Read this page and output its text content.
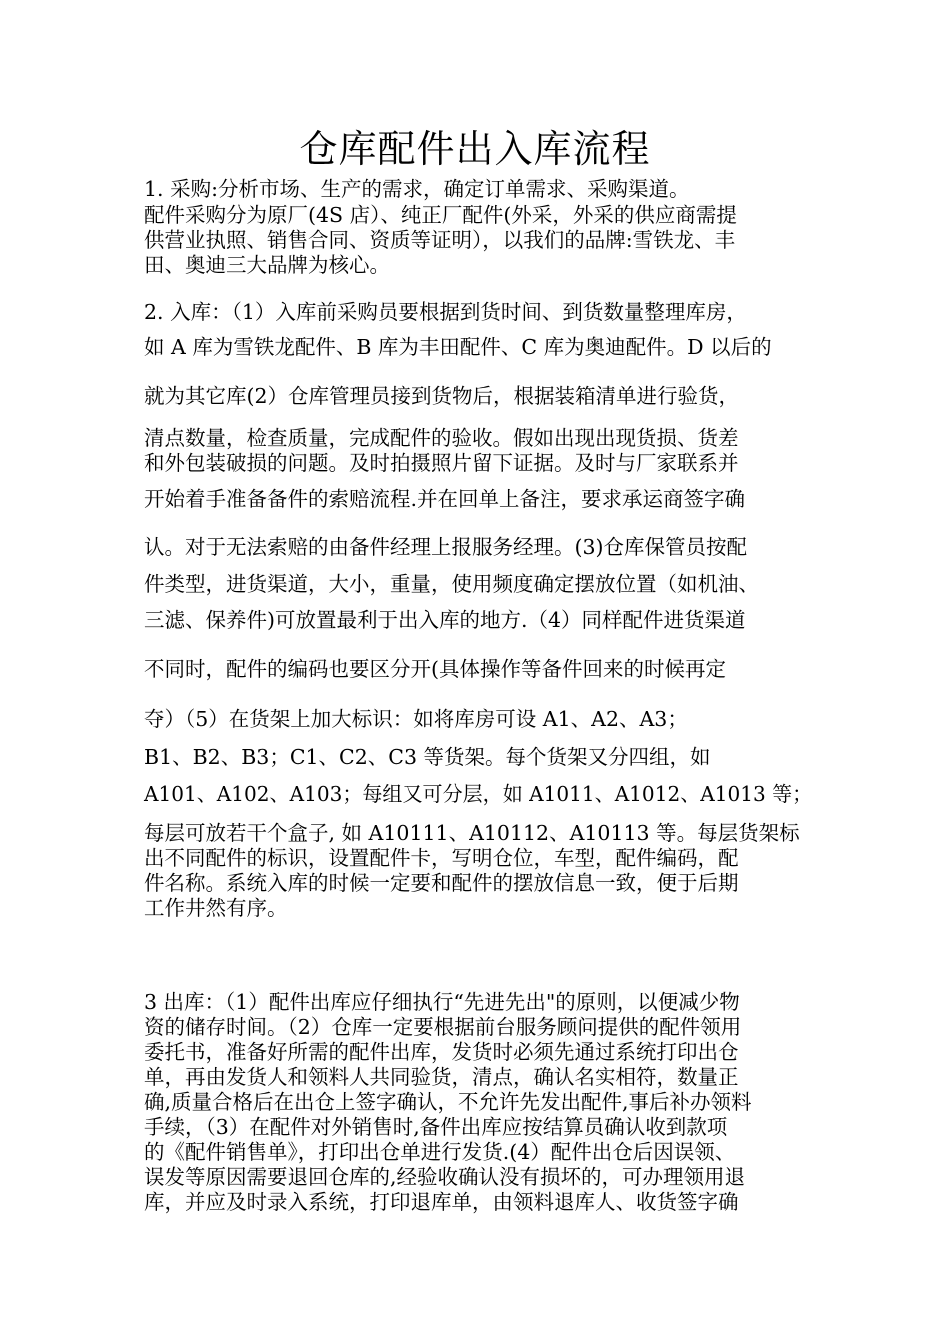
仓库配件出入库流程
1. 采购:分析市场、生产的需求，确定订单需求、采购渠道。
配件采购分为原厂(4S 店）、纯正厂配件(外采，外采的供应商需提
供营业执照、销售合同、资质等证明），以我们的品牌:雪铁龙、丰
田、奥迪三大品牌为核心。
2. 入库：（1）入库前采购员要根据到货时间、到货数量整理库房，
如 A 库为雪铁龙配件、B 库为丰田配件、C 库为奥迪配件。D 以后的
就为其它库(2）仓库管理员接到货物后，根据装箱清单进行验货，
清点数量，检查质量，完成配件的验收。假如出现出现货损、货差
和外包装破损的问题。及时拍摄照片留下证据。及时与厂家联系并
开始着手准备备件的索赔流程.并在回单上备注，要求承运商签字确
认。对于无法索赔的由备件经理上报服务经理。(3)仓库保管员按配
件类型，进货渠道，大小，重量，使用频度确定摆放位置（如机油、
三滤、保养件)可放置最利于出入库的地方.（4）同样配件进货渠道
不同时，配件的编码也要区分开(具体操作等备件回来的时候再定
夺）（5）在货架上加大标识：如将库房可设 A1、A2、A3；
B1、B2、B3；C1、C2、C3 等货架。每个货架又分四组，如
A101、A102、A103；每组又可分层，如 A1011、A1012、A1013 等；
每层可放若干个盒子, 如 A10111、A10112、A10113 等。每层货架标
出不同配件的标识，设置配件卡，写明仓位，车型，配件编码，配
件名称。系统入库的时候一定要和配件的摆放信息一致，便于后期
工作井然有序。
3 出库：（1）配件出库应仔细执行“先进先出"的原则，以便减少物
资的储存时间。（2）仓库一定要根据前台服务顾问提供的配件领用
委托书，准备好所需的配件出库，发货时必须先通过系统打印出仓
单，再由发货人和领料人共同验货，清点，确认名实相符，数量正
确,质量合格后在出仓上签字确认，不允许先发出配件,事后补办领料
手续，（3）在配件对外销售时,备件出库应按结算员确认收到款项
的《配件销售单》，打印出仓单进行发货.(4）配件出仓后因误领、
误发等原因需要退回仓库的,经验收确认没有损坏的，可办理领用退
库，并应及时录入系统，打印退库单，由领料退库人、收货签字确
